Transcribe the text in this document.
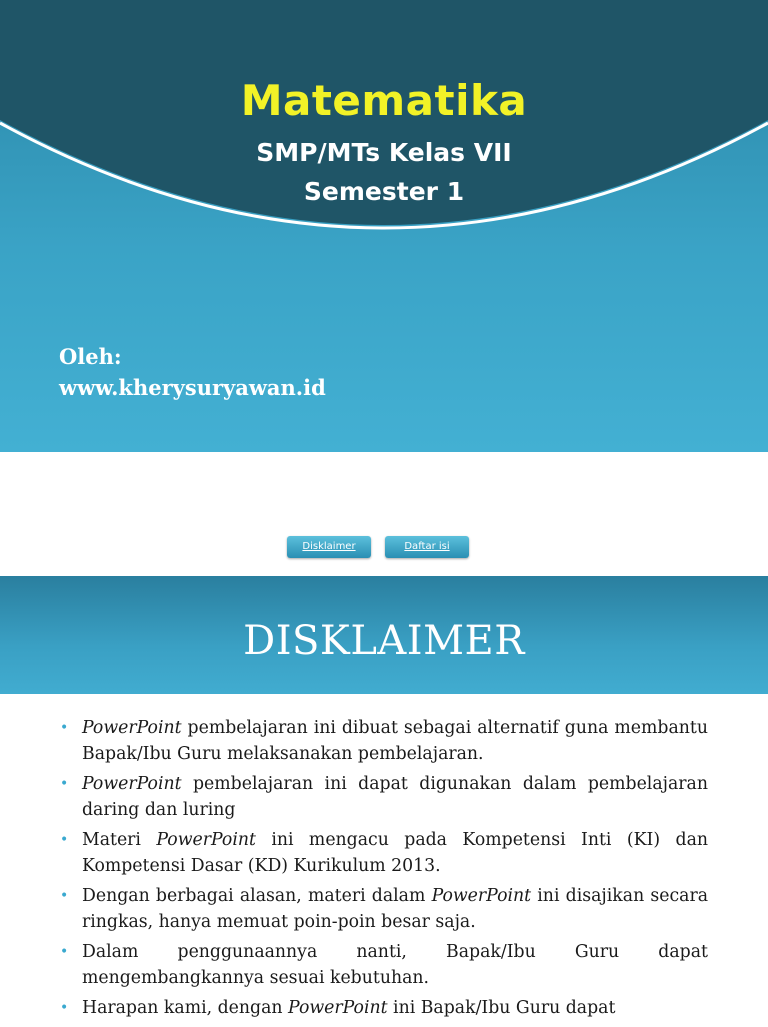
Matematika
SMP/MTs Kelas VII
Semester 1
Oleh:
www.kherysuryawan.id
Disklaimer	Daftar isi
DISKLAIMER
• PowerPoint pembelajaran ini dibuat sebagai alternatif guna membantu Bapak/Ibu Guru melaksanakan pembelajaran.
• PowerPoint pembelajaran ini dapat digunakan dalam pembelajaran daring dan luring
• Materi PowerPoint ini mengacu pada Kompetensi Inti (KI) dan Kompetensi Dasar (KD) Kurikulum 2013.
• Dengan berbagai alasan, materi dalam PowerPoint ini disajikan secara ringkas, hanya memuat poin-poin besar saja.
• Dalam penggunaannya nanti, Bapak/Ibu Guru dapat mengembangkannya sesuai kebutuhan.
• Harapan kami, dengan PowerPoint ini Bapak/Ibu Guru dapat
